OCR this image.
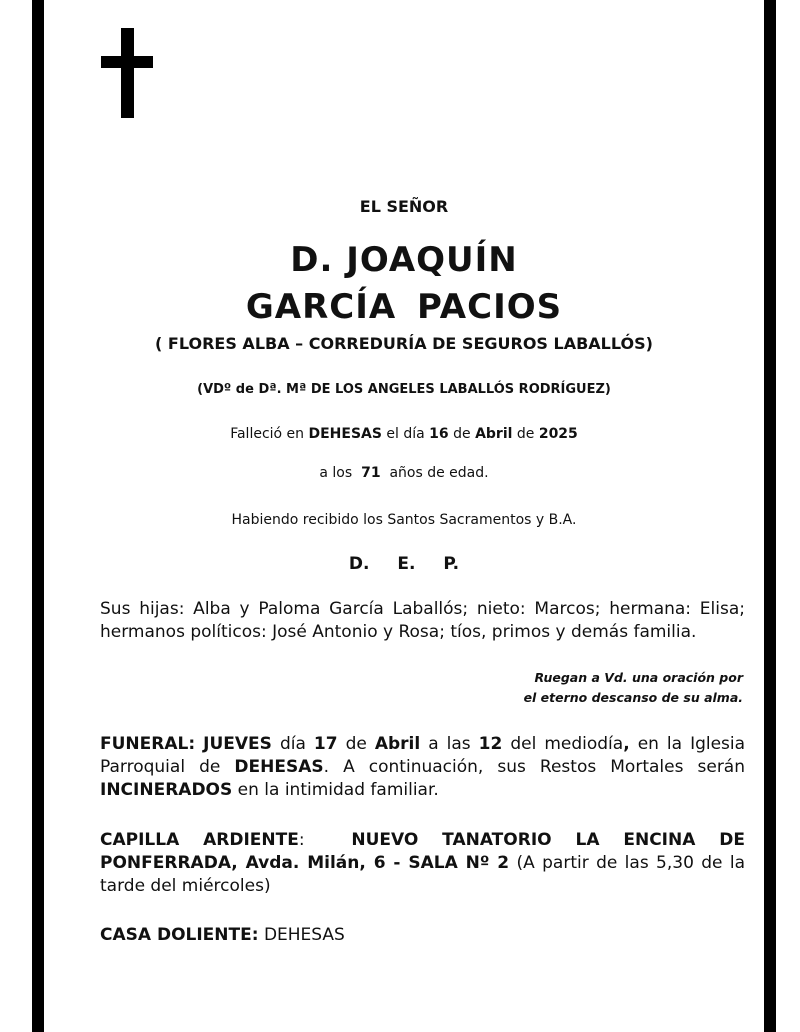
EL SEÑOR
D. JOAQUÍN
GARCÍA PACIOS
( FLORES ALBA – CORREDURÍA DE SEGUROS LABALLÓS)
(VDº de Dª. Mª DE LOS ANGELES LABALLÓS RODRÍGUEZ)
Falleció en DEHESAS el día 16 de Abril de 2025
a los 71 años de edad.
Habiendo recibido los Santos Sacramentos y B.A.
D. E. P.
Sus hijas: Alba y Paloma García Laballós; nieto: Marcos; hermana: Elisa; hermanos políticos: José Antonio y Rosa; tíos, primos y demás familia.
Ruegan a Vd. una oración por
el eterno descanso de su alma.
FUNERAL: JUEVES día 17 de Abril a las 12 del mediodía, en la Iglesia Parroquial de DEHESAS. A continuación, sus Restos Mortales serán INCINERADOS en la intimidad familiar.
CAPILLA ARDIENTE:	NUEVO TANATORIO LA ENCINA DE PONFERRADA, Avda. Milán, 6 - SALA Nº 2 (A partir de las 5,30 de la tarde del miércoles)
CASA DOLIENTE: DEHESAS
